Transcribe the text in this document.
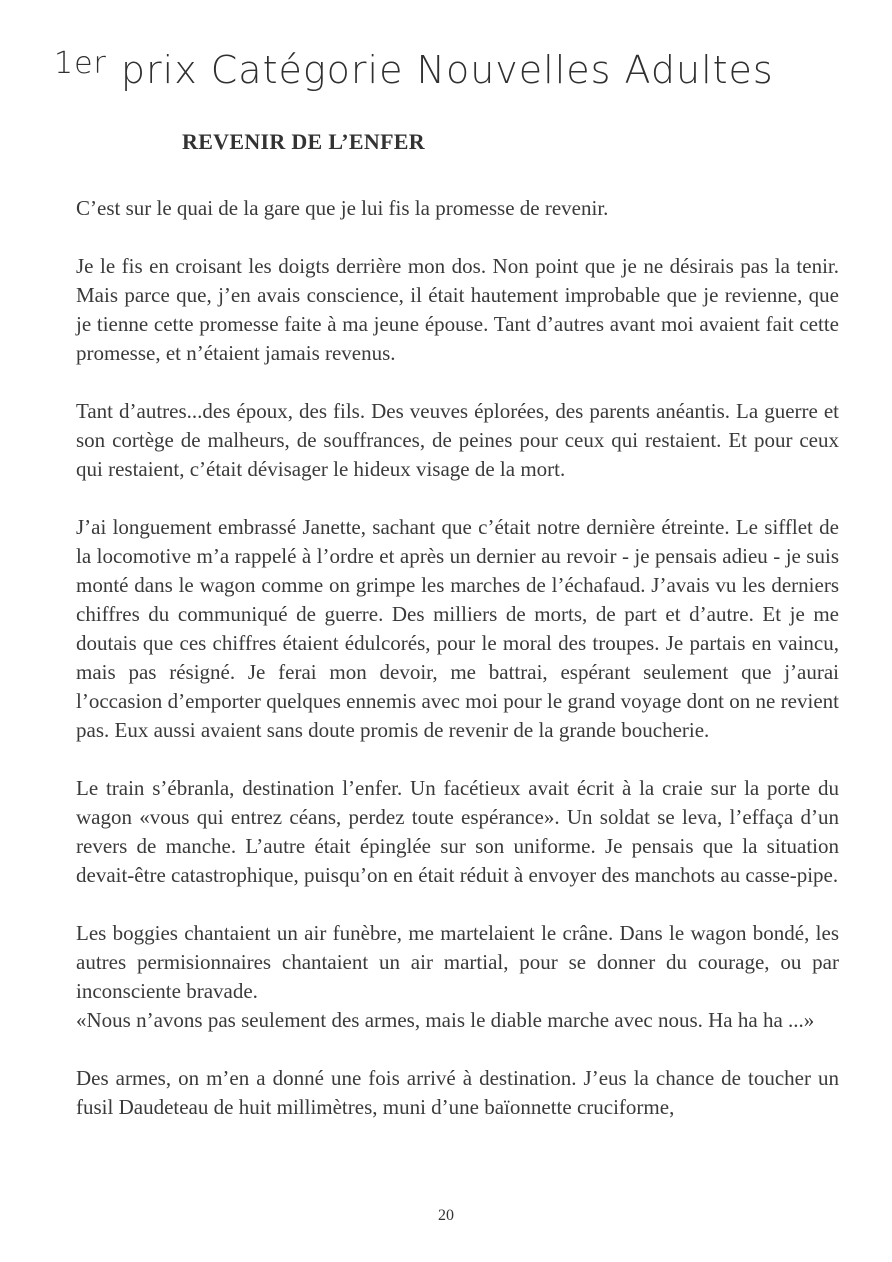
$^{1er}$ prix Catégorie Nouvelles Adultes
REVENIR DE L’ENFER

C’est sur le quai de la gare que je lui fis la promesse de revenir.

Je le fis en croisant les doigts derrière mon dos. Non point que je ne désirais pas la tenir. Mais parce que, j’en avais conscience, il était hautement improbable que je revienne, que je tienne cette promesse faite à ma jeune épouse. Tant d’autres avant moi avaient fait cette promesse, et n’étaient jamais revenus.

Tant d’autres...des époux, des fils. Des veuves éplorées, des parents anéantis. La guerre et son cortège de malheurs, de souffrances, de peines pour ceux qui restaient. Et pour ceux qui restaient, c’était dévisager le hideux visage de la mort.

J’ai longuement embrassé Janette, sachant que c’était notre dernière étreinte. Le sifflet de la locomotive m’a rappelé à l’ordre et après un dernier au revoir - je pensais adieu - je suis monté dans le wagon comme on grimpe les marches de l’échafaud. J’avais vu les derniers chiffres du communiqué de guerre. Des milliers de morts, de part et d’autre. Et je me doutais que ces chiffres étaient édulcorés, pour le moral des troupes. Je partais en vaincu, mais pas résigné. Je ferai mon devoir, me battrai, espérant seulement que j’aurai l’occasion d’emporter quelques ennemis avec moi pour le grand voyage dont on ne revient pas. Eux aussi avaient sans doute promis de revenir de la grande boucherie.

Le train s’ébranla, destination l’enfer. Un facétieux avait écrit à la craie sur la porte du wagon «vous qui entrez céans, perdez toute espérance». Un soldat se leva, l’effaça d’un revers de manche. L’autre était épinglée sur son uniforme. Je pensais que la situation devait-être catastrophique, puisqu’on en était réduit à envoyer des manchots au casse-pipe.

Les boggies chantaient un air funèbre, me martelaient le crâne. Dans le wagon bondé, les autres permisionnaires chantaient un air martial, pour se donner du courage, ou par inconsciente bravade.

«Nous n’avons pas seulement des armes, mais le diable marche avec nous. Ha ha ha ...»

Des armes, on m’en a donné une fois arrivé à destination. J’eus la chance de toucher un fusil Daudeteau de huit millimètres, muni d’une baïonnette cruciforme,

20
